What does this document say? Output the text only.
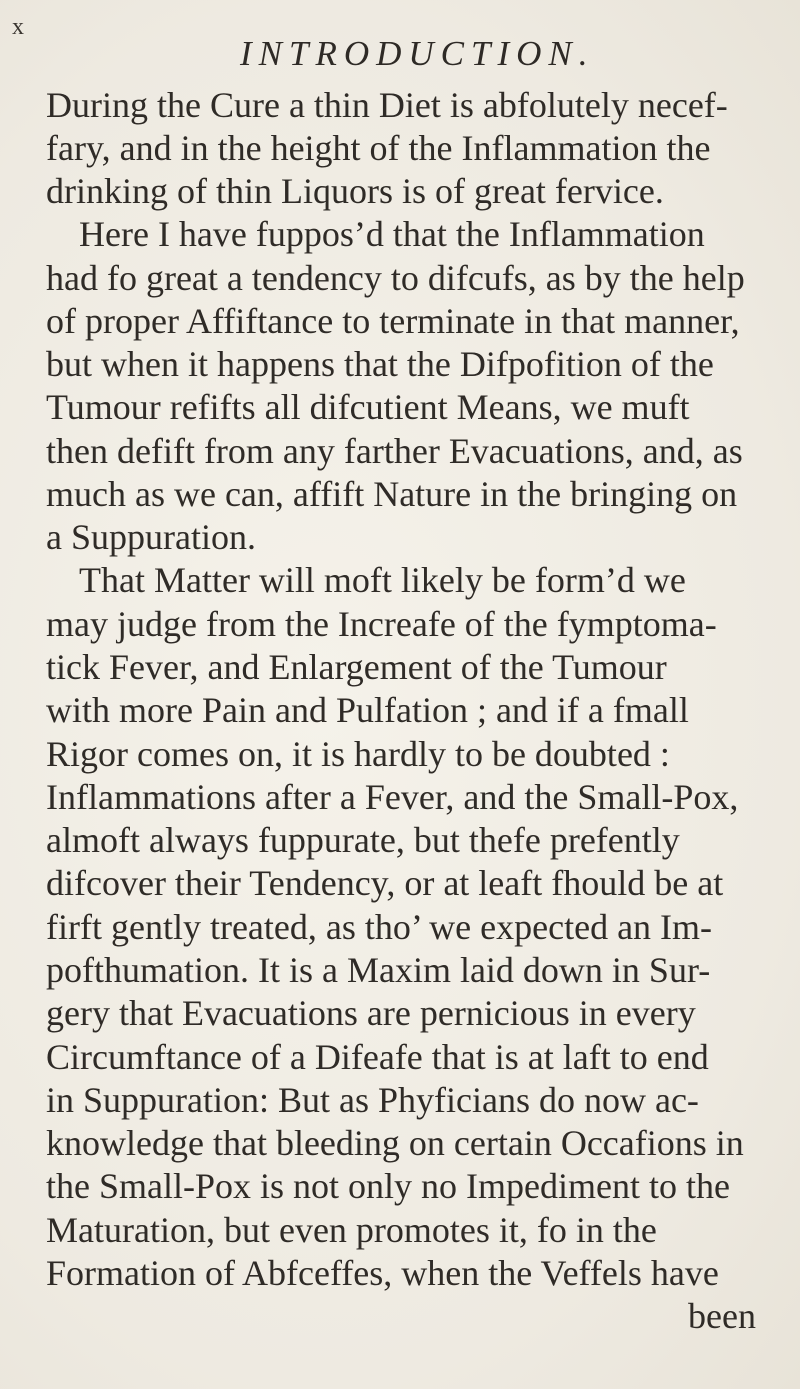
x
INTRODUCTION.
During the Cure a thin Diet is abfolutely necef-
fary, and in the height of the Inflammation the
drinking of thin Liquors is of great fervice.
Here I have fuppos’d that the Inflammation
had fo great a tendency to difcufs, as by the help
of proper Affiftance to terminate in that manner,
but when it happens that the Difpofition of the
Tumour refifts all difcutient Means, we muft
then defift from any farther Evacuations, and, as
much as we can, affift Nature in the bringing on
a Suppuration.
That Matter will moft likely be form’d we
may judge from the Increafe of the fymptoma-
tick Fever, and Enlargement of the Tumour
with more Pain and Pulfation ; and if a fmall
Rigor comes on, it is hardly to be doubted :
Inflammations after a Fever, and the Small-Pox,
almoft always fuppurate, but thefe prefently
difcover their Tendency, or at leaft fhould be at
firft gently treated, as tho’ we expected an Im-
pofthumation. It is a Maxim laid down in Sur-
gery that Evacuations are pernicious in every
Circumftance of a Difeafe that is at laft to end
in Suppuration: But as Phyficians do now ac-
knowledge that bleeding on certain Occafions in
the Small-Pox is not only no Impediment to the
Maturation, but even promotes it, fo in the
Formation of Abfceffes, when the Veffels have
been
